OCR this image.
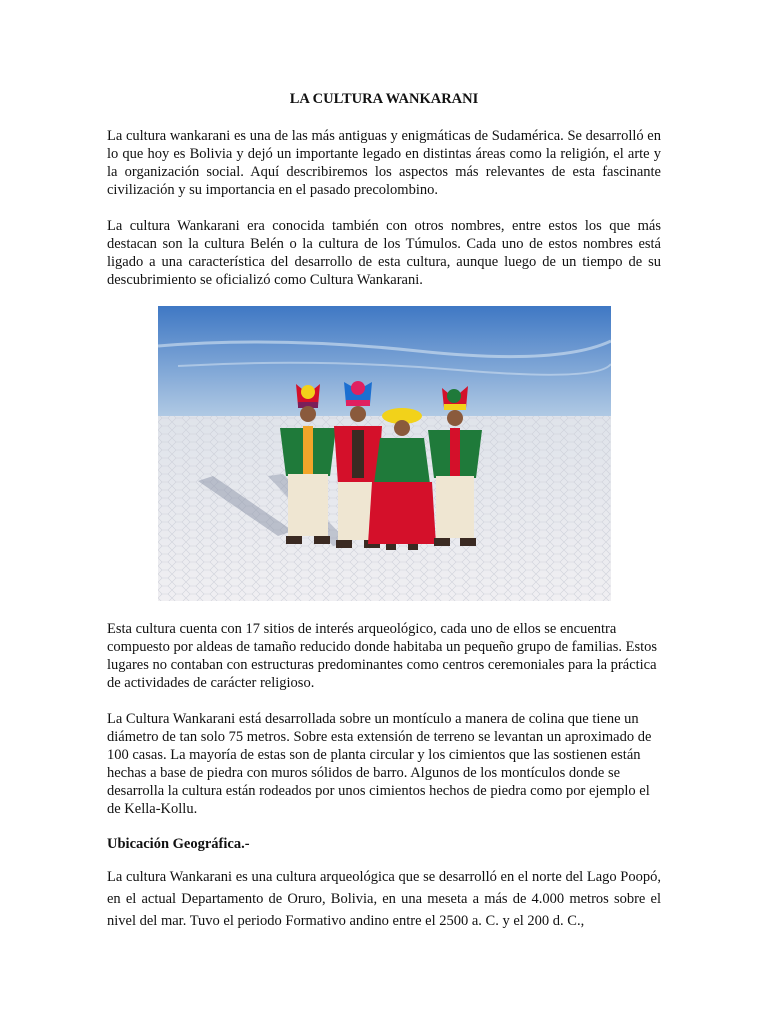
LA CULTURA WANKARANI

La cultura wankarani es una de las más antiguas y enigmáticas de Sudamérica. Se desarrolló en lo que hoy es Bolivia y dejó un importante legado en distintas áreas como la religión, el arte y la organización social. Aquí describiremos los aspectos más relevantes de esta fascinante civilización y su importancia en el pasado precolombino.

La cultura Wankarani era conocida también con otros nombres, entre estos los que más destacan son la cultura Belén o la cultura de los Túmulos. Cada uno de estos nombres está ligado a una característica del desarrollo de esta cultura, aunque luego de un tiempo de su descubrimiento se oficializó como Cultura Wankarani.

Esta cultura cuenta con 17 sitios de interés arqueológico, cada uno de ellos se encuentra compuesto por aldeas de tamaño reducido donde habitaba un pequeño grupo de familias. Estos lugares no contaban con estructuras predominantes como centros ceremoniales para la práctica de actividades de carácter religioso.

La Cultura Wankarani está desarrollada sobre un montículo a manera de colina que tiene un diámetro de tan solo 75 metros. Sobre esta extensión de terreno se levantan un aproximado de 100 casas. La mayoría de estas son de planta circular y los cimientos que las sostienen están hechas a base de piedra con muros sólidos de barro. Algunos de los montículos donde se desarrolla la cultura están rodeados por unos cimientos hechos de piedra como por ejemplo el de Kella-Kollu.

Ubicación Geográfica.-

La cultura Wankarani es una cultura arqueológica que se desarrolló en el norte del Lago Poopó, en el actual Departamento de Oruro, Bolivia, en una meseta a más de 4.000 metros sobre el nivel del mar. Tuvo el periodo Formativo andino entre el 2500 a. C. y el 200 d. C.,
